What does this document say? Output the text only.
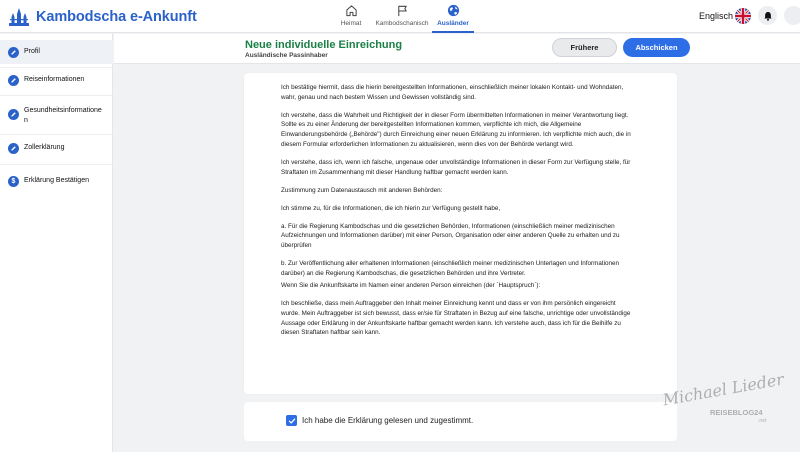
Kambodscha e-Ankunft	Heimat Kambodschanisch Ausländer
Englisch
Profil
Reiseinformationen
Gesundheitsinformationen
Zollerklärung
$	Erklärung Bestätigen
Neue individuelle Einreichung
Ausländische Passinhaber
Frühere	Abschicken

Ich bestätige hiermit, dass die hierin bereitgestellten Informationen, einschließlich meiner lokalen Kontakt- und Wohndaten, wahr, genau und nach bestem Wissen und Gewissen vollständig sind.

Ich verstehe, dass die Wahrheit und Richtigkeit der in dieser Form übermittelten Informationen in meiner Verantwortung liegt. Sollte es zu einer Änderung der bereitgestellten Informationen kommen, verpflichte ich mich, die Allgemeine Einwanderungsbehörde („Behörde") durch Einreichung einer neuen Erklärung zu informieren. Ich verpflichte mich auch, die in diesem Formular erforderlichen Informationen zu aktualisieren, wenn dies von der Behörde verlangt wird.

Ich verstehe, dass ich, wenn ich falsche, ungenaue oder unvollständige Informationen in dieser Form zur Verfügung stelle, für Straftaten im Zusammenhang mit dieser Handlung haftbar gemacht werden kann.

Zustimmung zum Datenaustausch mit anderen Behörden:

Ich stimme zu, für die Informationen, die ich hierin zur Verfügung gestellt habe,

a. Für die Regierung Kambodschas und die gesetzlichen Behörden, Informationen (einschließlich meiner medizinischen Aufzeichnungen und Informationen darüber) mit einer Person, Organisation oder einer anderen Quelle zu erhalten und zu überprüfen

b. Zur Veröffentlichung aller erhaltenen Informationen (einschließlich meiner medizinischen Unterlagen und Informationen darüber) an die Regierung Kambodschas, die gesetzlichen Behörden und ihre Vertreter.

Wenn Sie die Ankunftskarte im Namen einer anderen Person einreichen (der `Hauptspruch`):

Ich beschließe, dass mein Auftraggeber den Inhalt meiner Einreichung kennt und dass er von ihm persönlich eingereicht wurde. Mein Auftraggeber ist sich bewusst, dass er/sie für Straftaten in Bezug auf eine falsche, unrichtige oder unvollständige Aussage oder Erklärung in der Ankunftskarte haftbar gemacht werden kann. Ich verstehe auch, dass ich für die Beihilfe zu diesen Straftaten haftbar sein kann.

Ich habe die Erklärung gelesen und zugestimmt.
Michael Lieder
REISEBLOG24
.net
